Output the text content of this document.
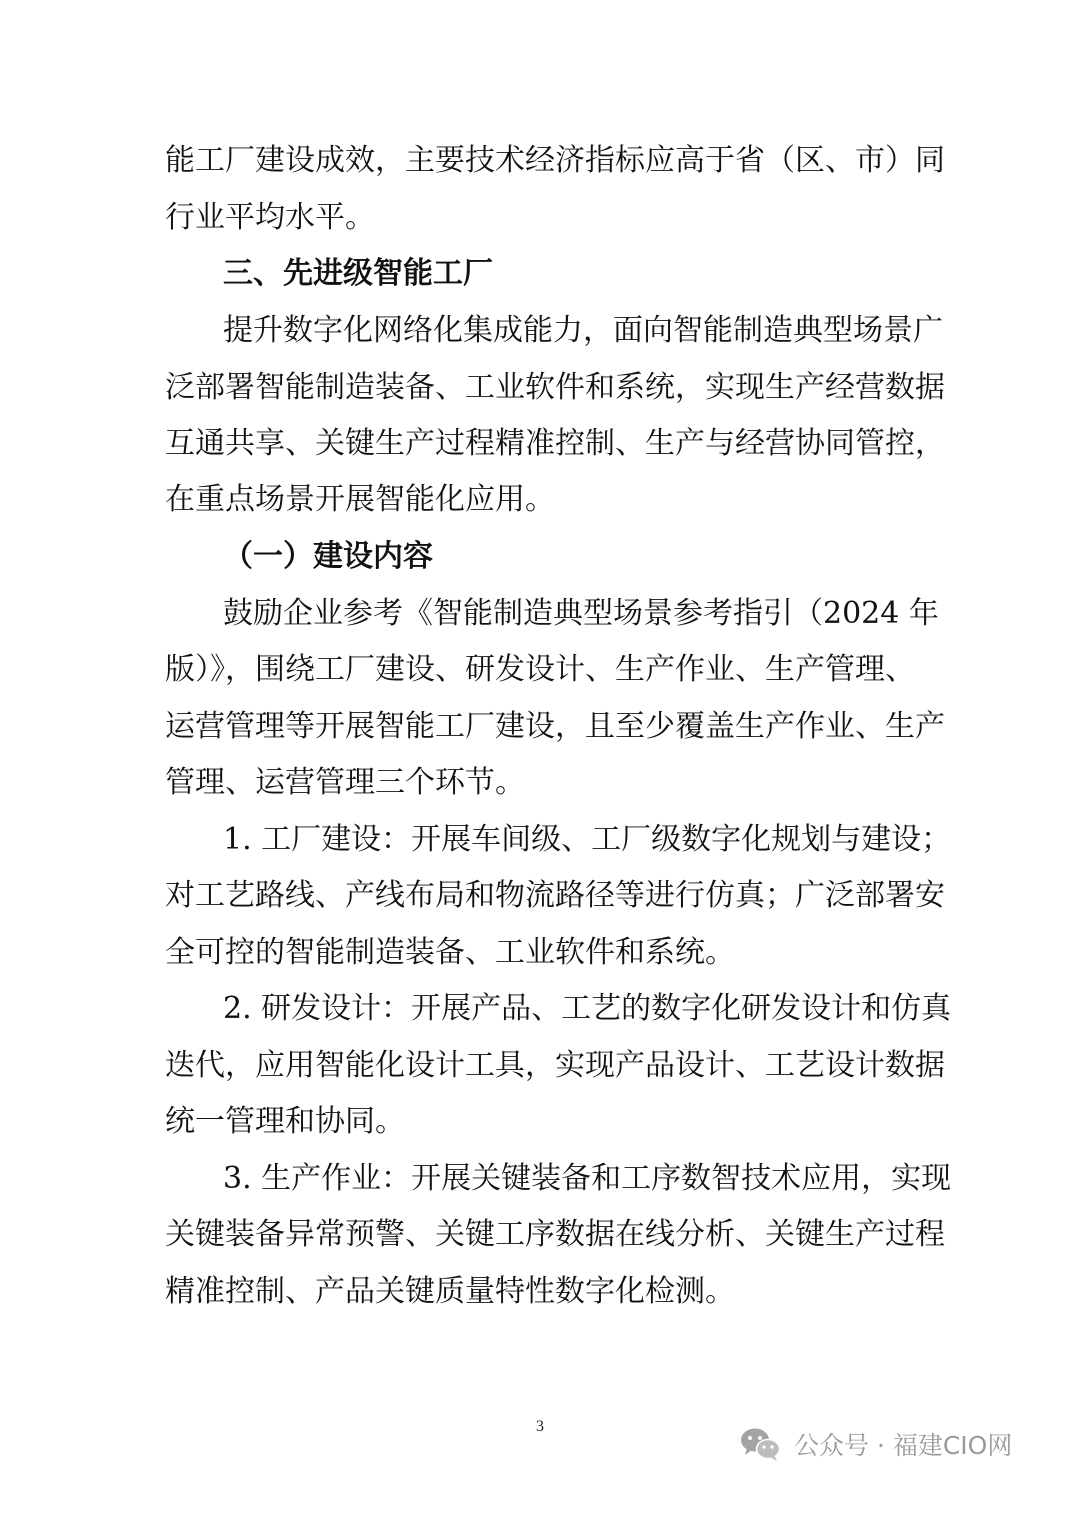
能工厂建设成效，主要技术经济指标应高于省（区、市）同
行业平均水平。
三、先进级智能工厂
提升数字化网络化集成能力，面向智能制造典型场景广
泛部署智能制造装备、工业软件和系统，实现生产经营数据
互通共享、关键生产过程精准控制、生产与经营协同管控，
在重点场景开展智能化应用。
（一）建设内容
鼓励企业参考《智能制造典型场景参考指引（2024 年
版）》，围绕工厂建设、研发设计、生产作业、生产管理、
运营管理等开展智能工厂建设，且至少覆盖生产作业、生产
管理、运营管理三个环节。
1. 工厂建设：开展车间级、工厂级数字化规划与建设；
对工艺路线、产线布局和物流路径等进行仿真；广泛部署安
全可控的智能制造装备、工业软件和系统。
2. 研发设计：开展产品、工艺的数字化研发设计和仿真
迭代，应用智能化设计工具，实现产品设计、工艺设计数据
统一管理和协同。
3. 生产作业：开展关键装备和工序数智技术应用，实现
关键装备异常预警、关键工序数据在线分析、关键生产过程
精准控制、产品关键质量特性数字化检测。
3
公众号 · 福建CIO网
